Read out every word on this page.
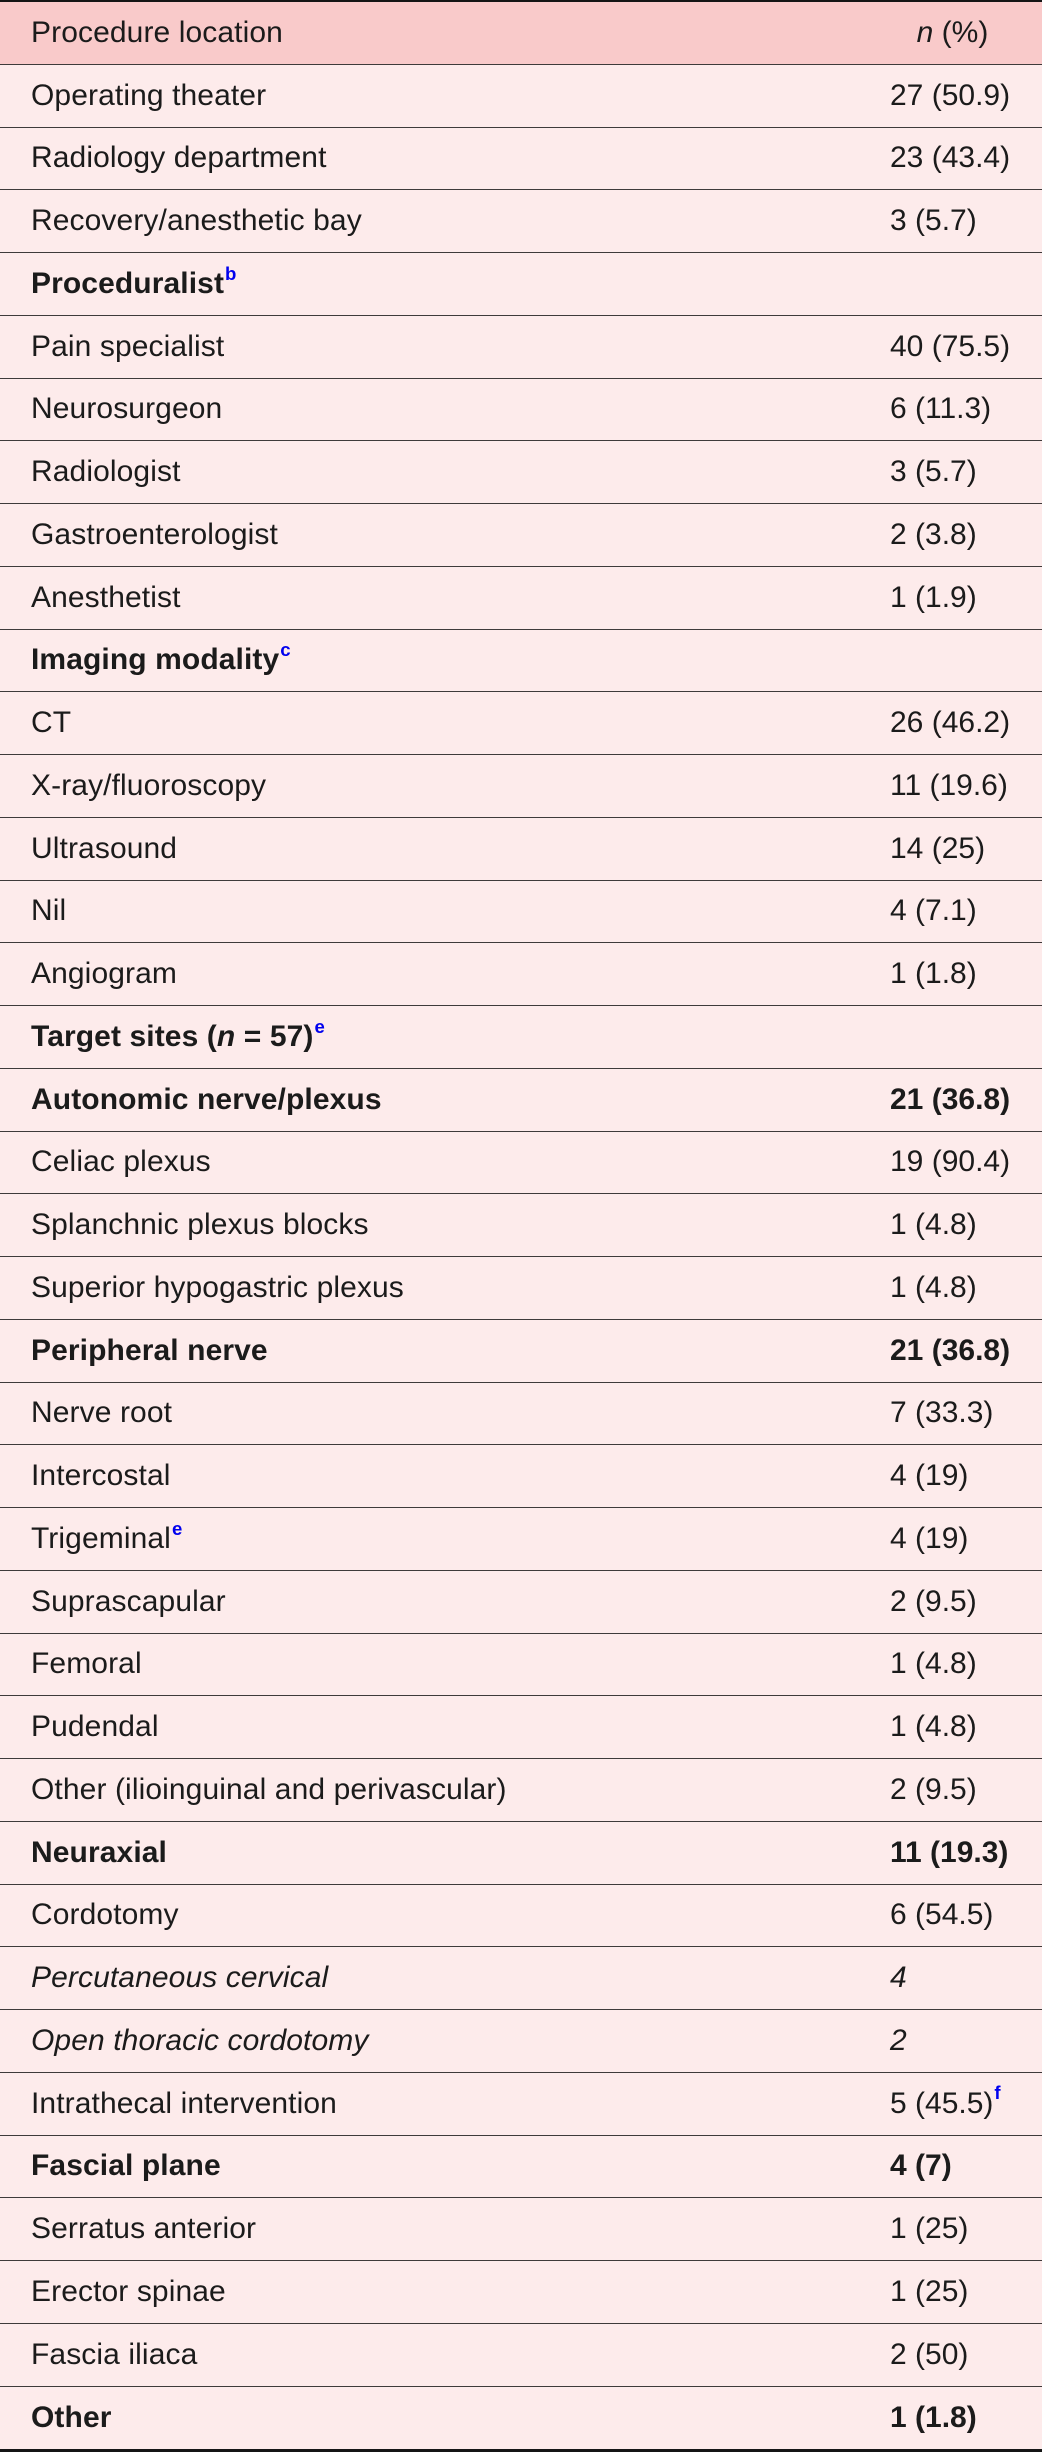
Procedure location	n (%)
Operating theater	27 (50.9)
Radiology department	23 (43.4)
Recovery/anesthetic bay	3 (5.7)
Proceduralist$^b$
Pain specialist	40 (75.5)
Neurosurgeon	6 (11.3)
Radiologist	3 (5.7)
Gastroenterologist	2 (3.8)
Anesthetist	1 (1.9)
Imaging modality$^c$
CT	26 (46.2)
X-ray/fluoroscopy	11 (19.6)
Ultrasound	14 (25)
Nil	4 (7.1)
Angiogram	1 (1.8)
Target sites (n = 57)$^e$
Autonomic nerve/plexus	21 (36.8)
Celiac plexus	19 (90.4)
Splanchnic plexus blocks	1 (4.8)
Superior hypogastric plexus	1 (4.8)
Peripheral nerve	21 (36.8)
Nerve root	7 (33.3)
Intercostal	4 (19)
Trigeminal$^e$	4 (19)
Suprascapular	2 (9.5)
Femoral	1 (4.8)
Pudendal	1 (4.8)
Other (ilioinguinal and perivascular)	2 (9.5)
Neuraxial	11 (19.3)
Cordotomy	6 (54.5)
Percutaneous cervical	4
Open thoracic cordotomy	2
Intrathecal intervention	5 $(45.5)^f$
Fascial plane	4 (7)
Serratus anterior	1 (25)
Erector spinae	1 (25)
Fascia iliaca	2 (50)
Other	1 (1.8)
